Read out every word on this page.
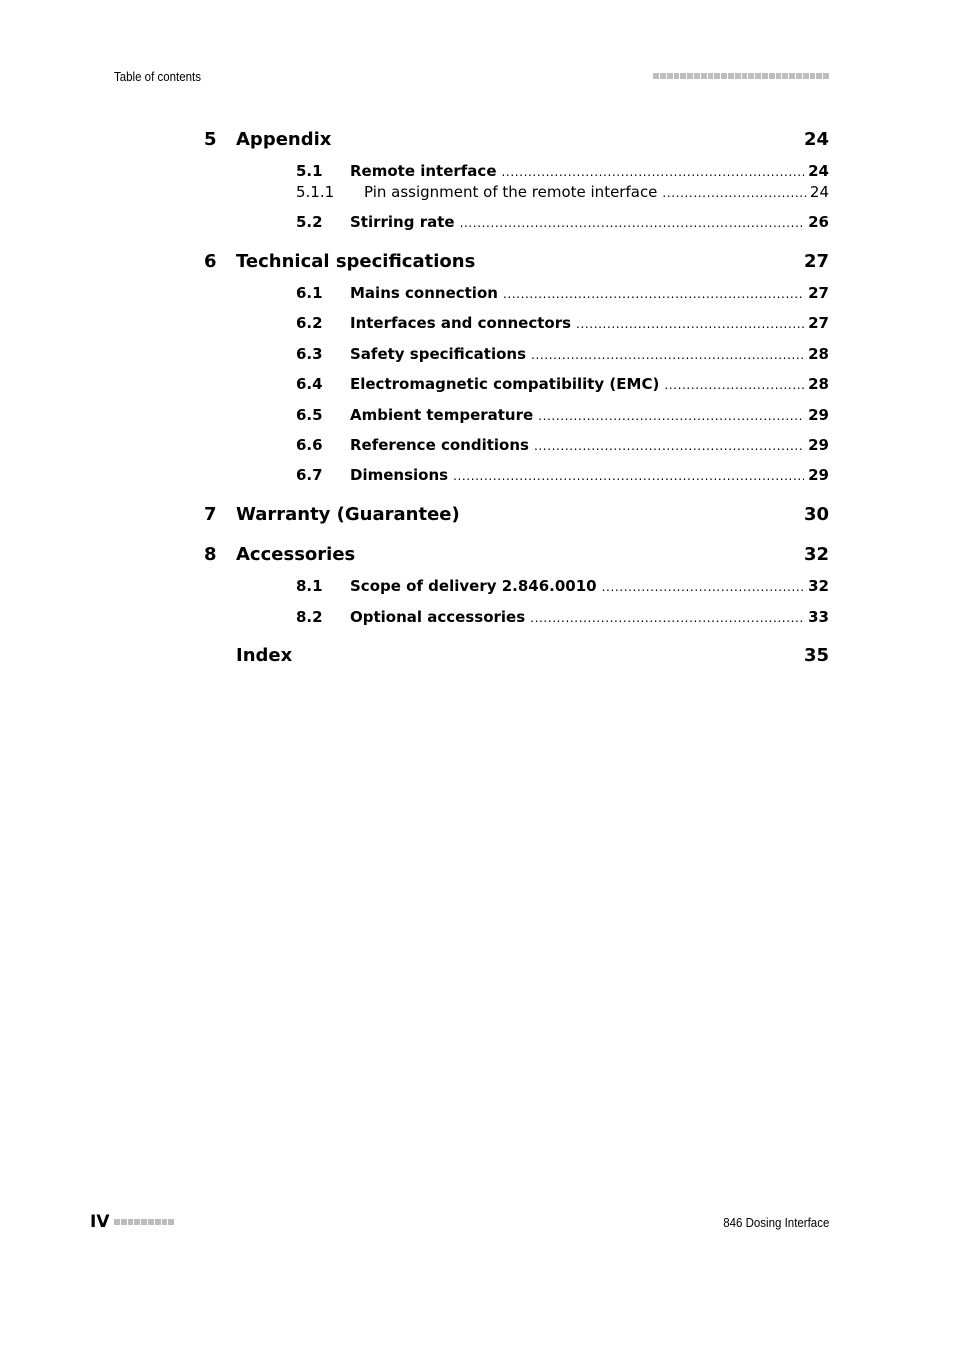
Table of contents
5 Appendix	24
5.1	Remote interface .....	24
5.1.1	Pin assignment of the remote interface .....	24
5.2	Stirring rate .....	26
6 Technical specifications	27
6.1	Mains connection .....	27
6.2	Interfaces and connectors .....	27
6.3	Safety specifications .....	28
6.4	Electromagnetic compatibility (EMC) .....	28
6.5	Ambient temperature .....	29
6.6	Reference conditions .....	29
6.7	Dimensions .....	29
7 Warranty (Guarantee)	30
8 Accessories	32
8.1	Scope of delivery 2.846.0010 .....	32
8.2	Optional accessories .....	33
Index	35
IV	846 Dosing Interface
